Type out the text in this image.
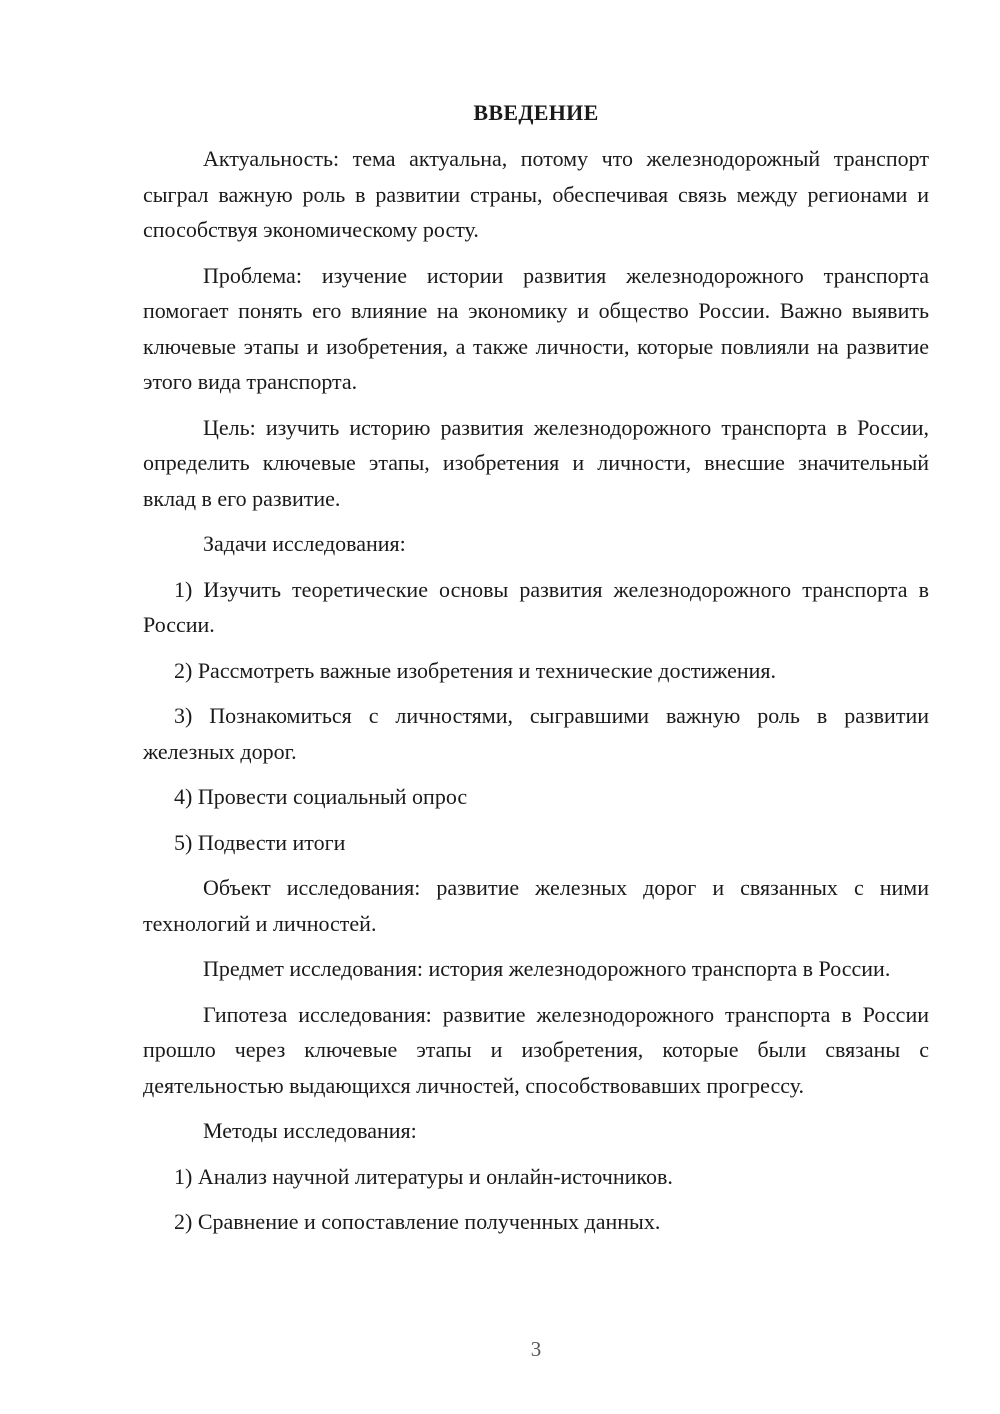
ВВЕДЕНИЕ

Актуальность: тема актуальна, потому что железнодорожный транспорт сыграл важную роль в развитии страны, обеспечивая связь между регионами и способствуя экономическому росту.

Проблема: изучение истории развития железнодорожного транспорта помогает понять его влияние на экономику и общество России. Важно выявить ключевые этапы и изобретения, а также личности, которые повлияли на развитие этого вида транспорта.

Цель: изучить историю развития железнодорожного транспорта в России, определить ключевые этапы, изобретения и личности, внесшие значительный вклад в его развитие.

Задачи исследования:

1) Изучить теоретические основы развития железнодорожного транспорта в России.

2) Рассмотреть важные изобретения и технические достижения.

3) Познакомиться с личностями, сыгравшими важную роль в развитии железных дорог.

4) Провести социальный опрос

5) Подвести итоги

Объект исследования: развитие железных дорог и связанных с ними технологий и личностей.

Предмет исследования: история железнодорожного транспорта в России.

Гипотеза исследования: развитие железнодорожного транспорта в России прошло через ключевые этапы и изобретения, которые были связаны с деятельностью выдающихся личностей, способствовавших прогрессу.

Методы исследования:

1) Анализ научной литературы и онлайн-источников.

2) Сравнение и сопоставление полученных данных.

3
